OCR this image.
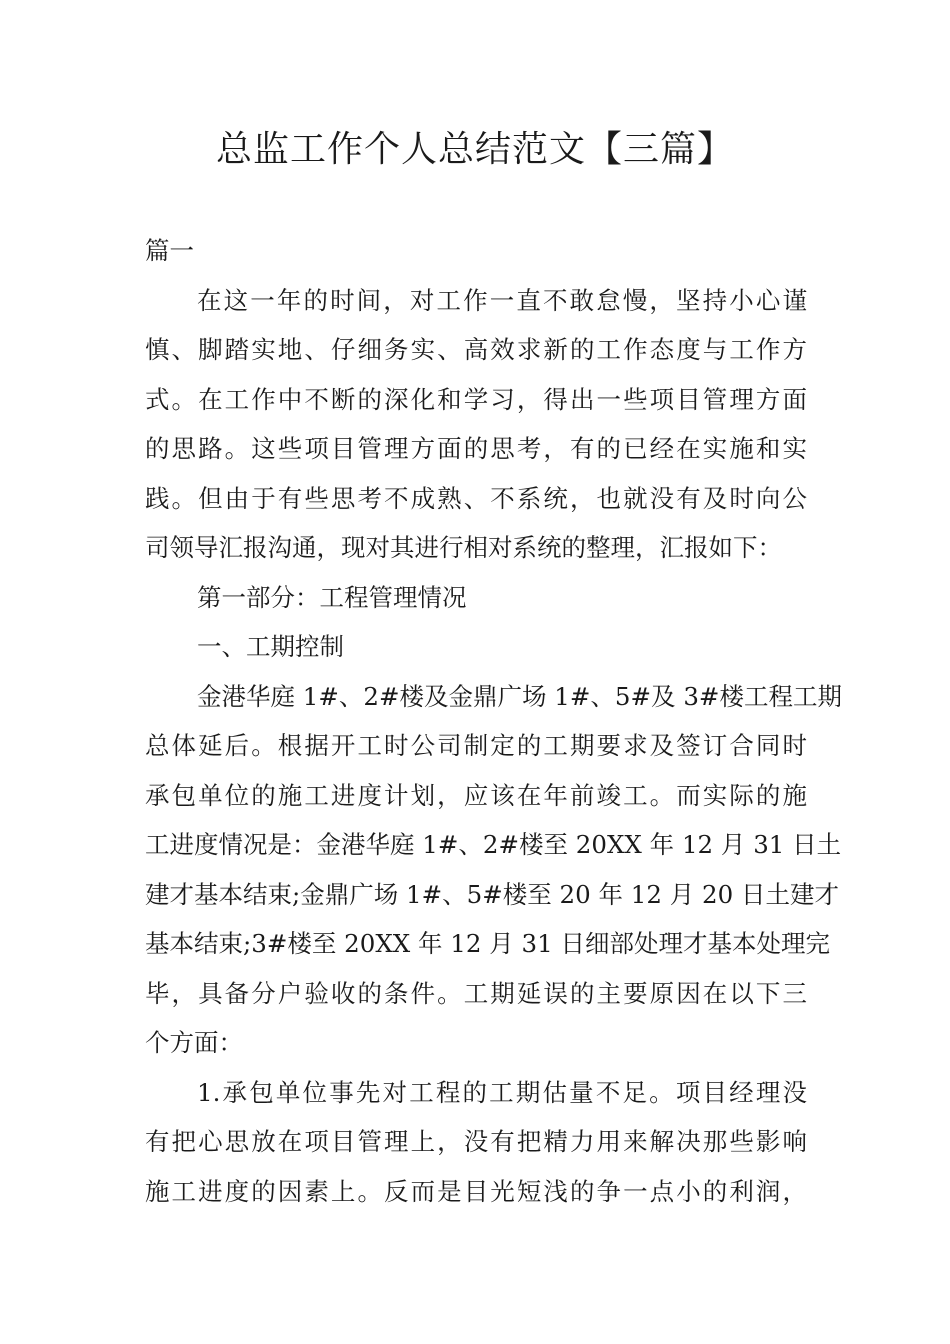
总监工作个人总结范文【三篇】
篇一
在这一年的时间，对工作一直不敢怠慢，坚持小心谨
慎、脚踏实地、仔细务实、高效求新的工作态度与工作方
式。在工作中不断的深化和学习，得出一些项目管理方面
的思路。这些项目管理方面的思考，有的已经在实施和实
践。但由于有些思考不成熟、不系统，也就没有及时向公
司领导汇报沟通，现对其进行相对系统的整理，汇报如下：
第一部分：工程管理情况
一、工期控制
金港华庭 1#、2#楼及金鼎广场 1#、5#及 3#楼工程工期
总体延后。根据开工时公司制定的工期要求及签订合同时
承包单位的施工进度计划，应该在年前竣工。而实际的施
工进度情况是：金港华庭 1#、2#楼至 20XX 年 12 月 31 日土
建才基本结束;金鼎广场 1#、5#楼至 20 年 12 月 20 日土建才
基本结束;3#楼至 20XX 年 12 月 31 日细部处理才基本处理完
毕，具备分户验收的条件。工期延误的主要原因在以下三
个方面：
1.承包单位事先对工程的工期估量不足。项目经理没
有把心思放在项目管理上，没有把精力用来解决那些影响
施工进度的因素上。反而是目光短浅的争一点小的利润，
